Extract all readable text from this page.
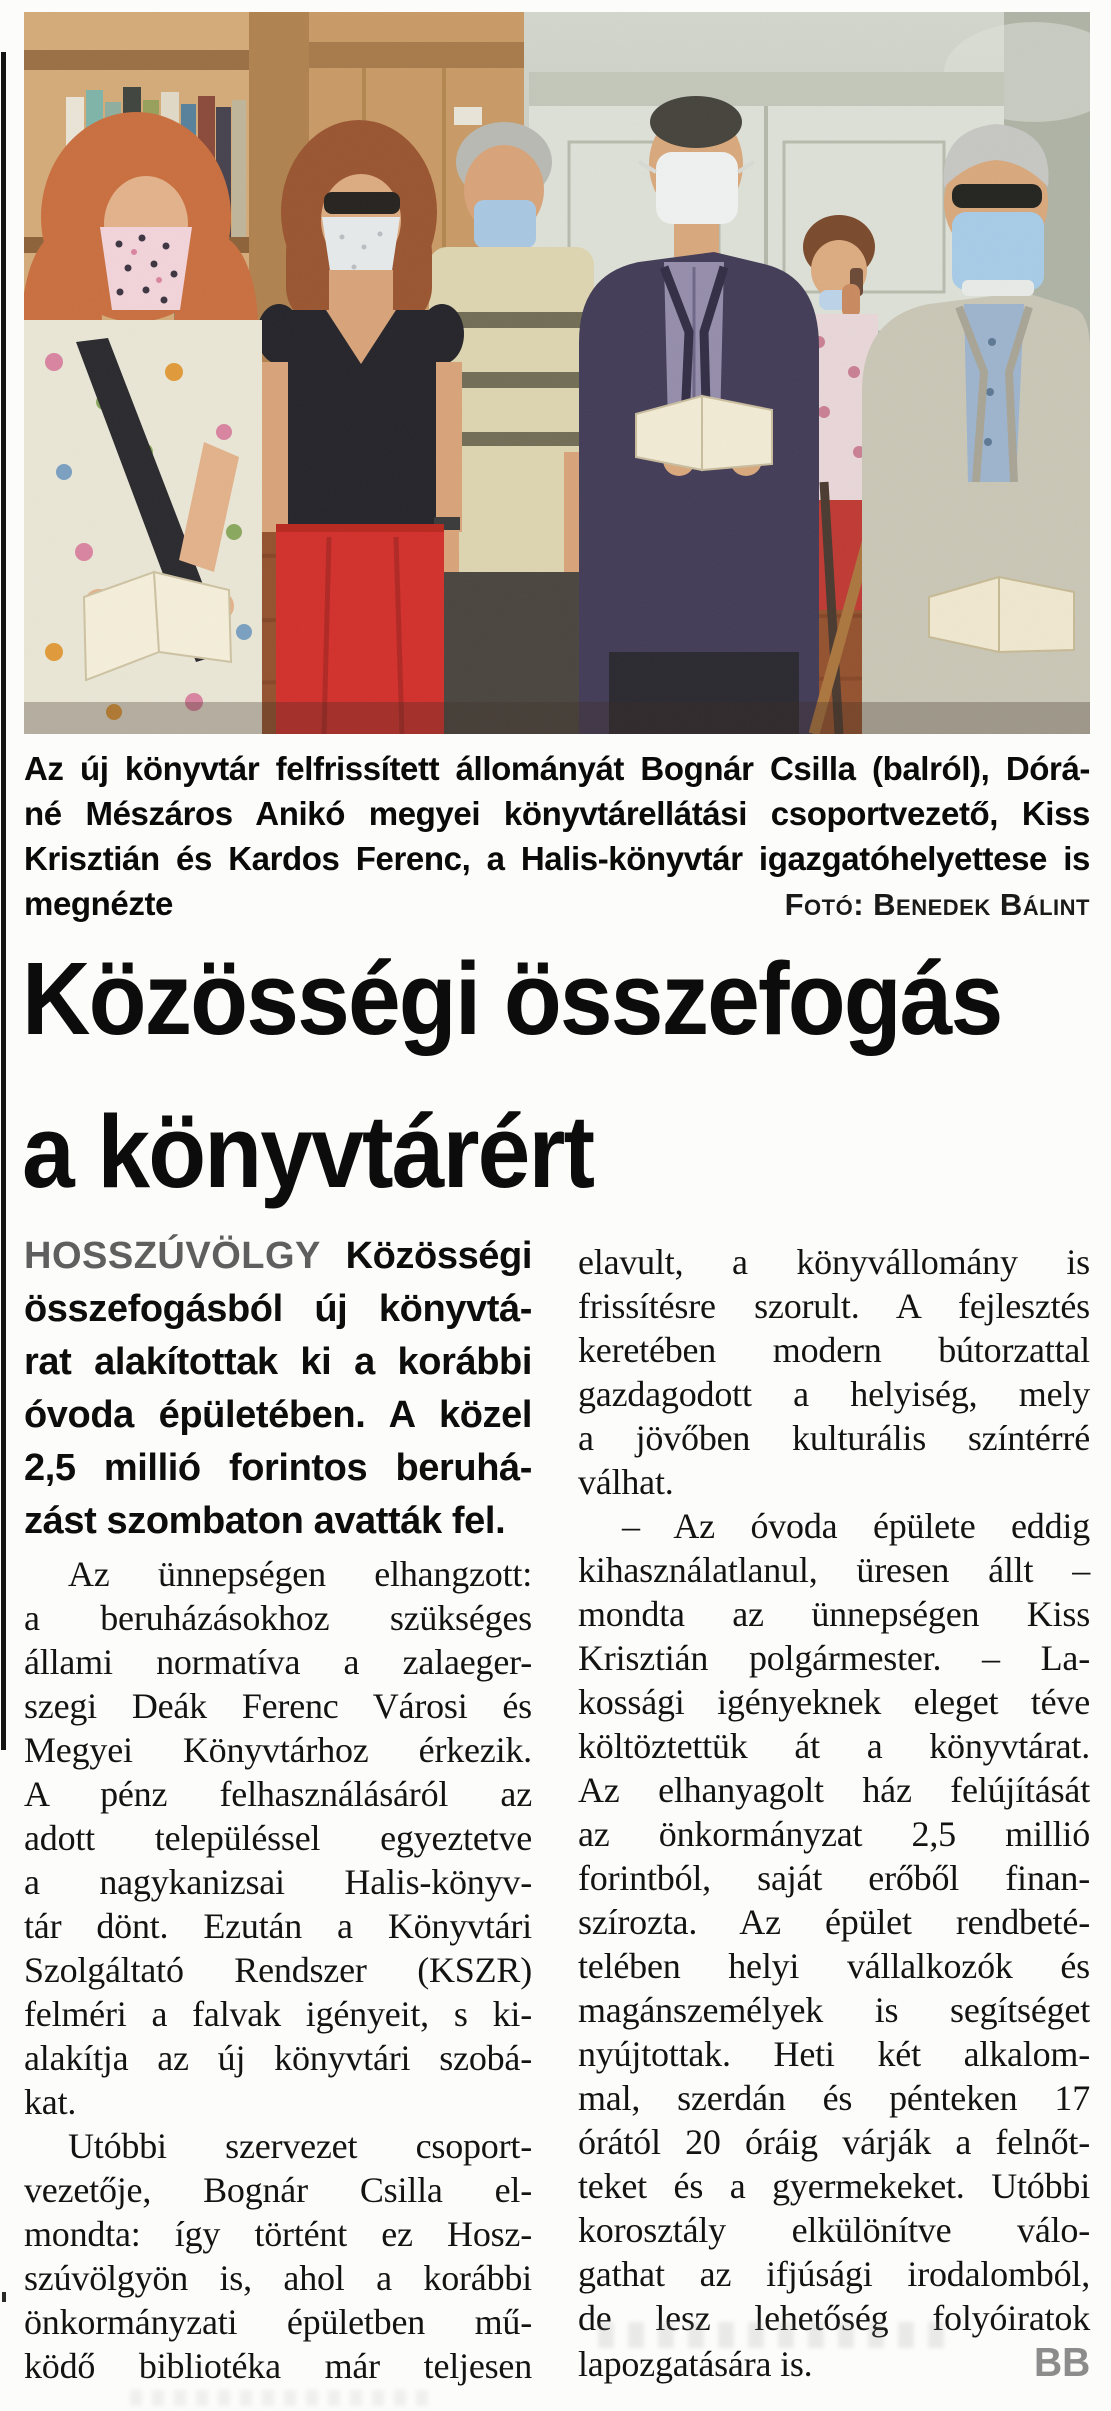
Az új könyvtár felfrissített állományát Bognár Csilla (balról), Dórá-
né Mészáros Anikó megyei könyvtárellátási csoportvezető, Kiss
Krisztián és Kardos Ferenc, a Halis-könyvtár igazgatóhelyettese is
megnézte	Fotó: Benedek Bálint
Közösségi összefogás
a könyvtárért
HOSSZÚVÖLGY Közösségi
összefogásból új könyvtá-
rat alakítottak ki a korábbi
óvoda épületében. A közel
2,5 millió forintos beruhá-
zást szombaton avatták fel.
Az ünnepségen elhangzott:
a beruházásokhoz szükséges
állami normatíva a zalaeger-
szegi Deák Ferenc Városi és
Megyei Könyvtárhoz érkezik.
A pénz felhasználásáról az
adott településsel egyeztetve
a nagykanizsai Halis-könyv-
tár dönt. Ezután a Könyvtári
Szolgáltató Rendszer (KSZR)
felméri a falvak igényeit, s ki-
alakítja az új könyvtári szobá-
kat.
Utóbbi szervezet csoport-
vezetője, Bognár Csilla el-
mondta: így történt ez Hosz-
szúvölgyön is, ahol a korábbi
önkormányzati épületben mű-
ködő bibliotéka már teljesen
elavult, a könyvállomány is
frissítésre szorult. A fejlesztés
keretében modern bútorzattal
gazdagodott a helyiség, mely
a jövőben kulturális színtérré
válhat.
– Az óvoda épülete eddig
kihasználatlanul, üresen állt –
mondta az ünnepségen Kiss
Krisztián polgármester. – La-
kossági igényeknek eleget téve
költöztettük át a könyvtárat.
Az elhanyagolt ház felújítását
az önkormányzat 2,5 millió
forintból, saját erőből finan-
szírozta. Az épület rendbeté-
telében helyi vállalkozók és
magánszemélyek is segítséget
nyújtottak. Heti két alkalom-
mal, szerdán és pénteken 17
órától 20 óráig várják a felnőt-
teket és a gyermekeket. Utóbbi
korosztály elkülönítve válo-
gathat az ifjúsági irodalomból,
de lesz lehetőség folyóiratok
lapozgatására is.	BB
